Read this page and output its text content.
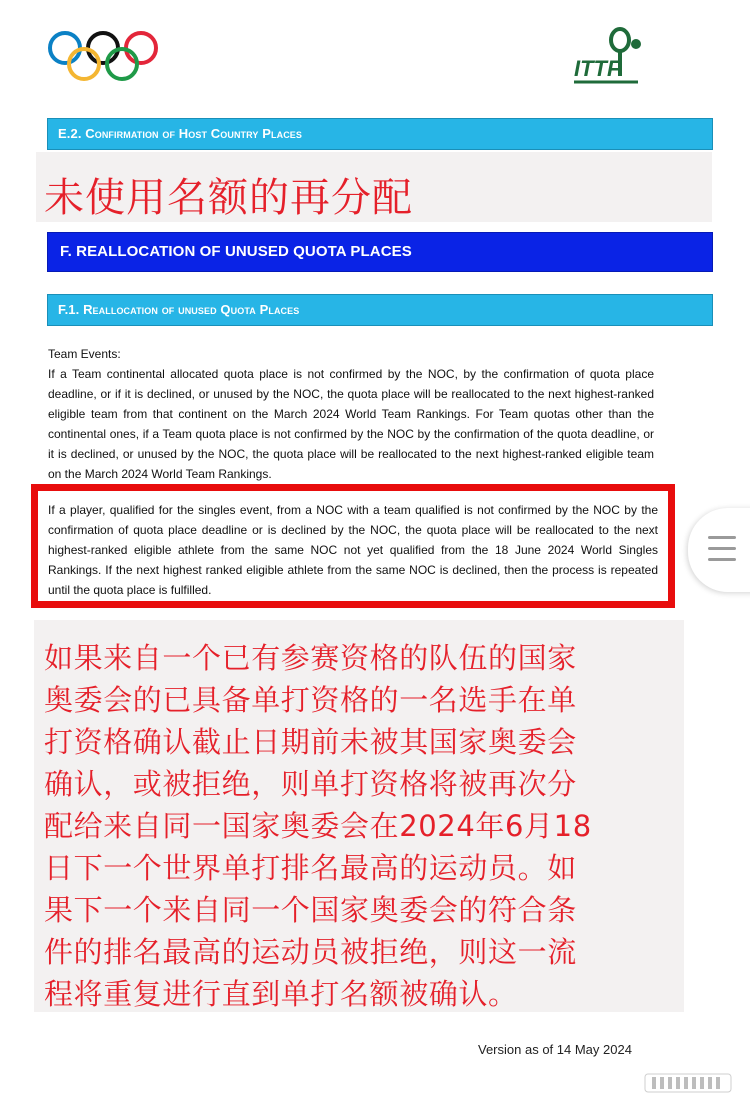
ITTF
E.2. Confirmation of Host Country Places
未使用名额的再分配
F. REALLOCATION OF UNUSED QUOTA PLACES
F.1. Reallocation of unused Quota Places
Team Events:
If a Team continental allocated quota place is not confirmed by the NOC, by the confirmation of quota place deadline, or if it is declined, or unused by the NOC, the quota place will be reallocated to the next highest-ranked eligible team from that continent on the March 2024 World Team Rankings. For Team quotas other than the continental ones, if a Team quota place is not confirmed by the NOC by the confirmation of the quota deadline, or it is declined, or unused by the NOC, the quota place will be reallocated to the next highest-ranked eligible team on the March 2024 World Team Rankings.
If a player, qualified for the singles event, from a NOC with a team qualified is not confirmed by the NOC by the confirmation of quota place deadline or is declined by the NOC, the quota place will be reallocated to the next highest-ranked eligible athlete from the same NOC not yet qualified from the 18 June 2024 World Singles Rankings. If the next highest ranked eligible athlete from the same NOC is declined, then the process is repeated until the quota place is fulfilled.
如果来自一个已有参赛资格的队伍的国家
奥委会的已具备单打资格的一名选手在单
打资格确认截止日期前未被其国家奥委会
确认，或被拒绝，则单打资格将被再次分
配给来自同一国家奥委会在2024年6月18
日下一个世界单打排名最高的运动员。如
果下一个来自同一个国家奥委会的符合条
件的排名最高的运动员被拒绝，则这一流
程将重复进行直到单打名额被确认。
Version as of 14 May 2024
